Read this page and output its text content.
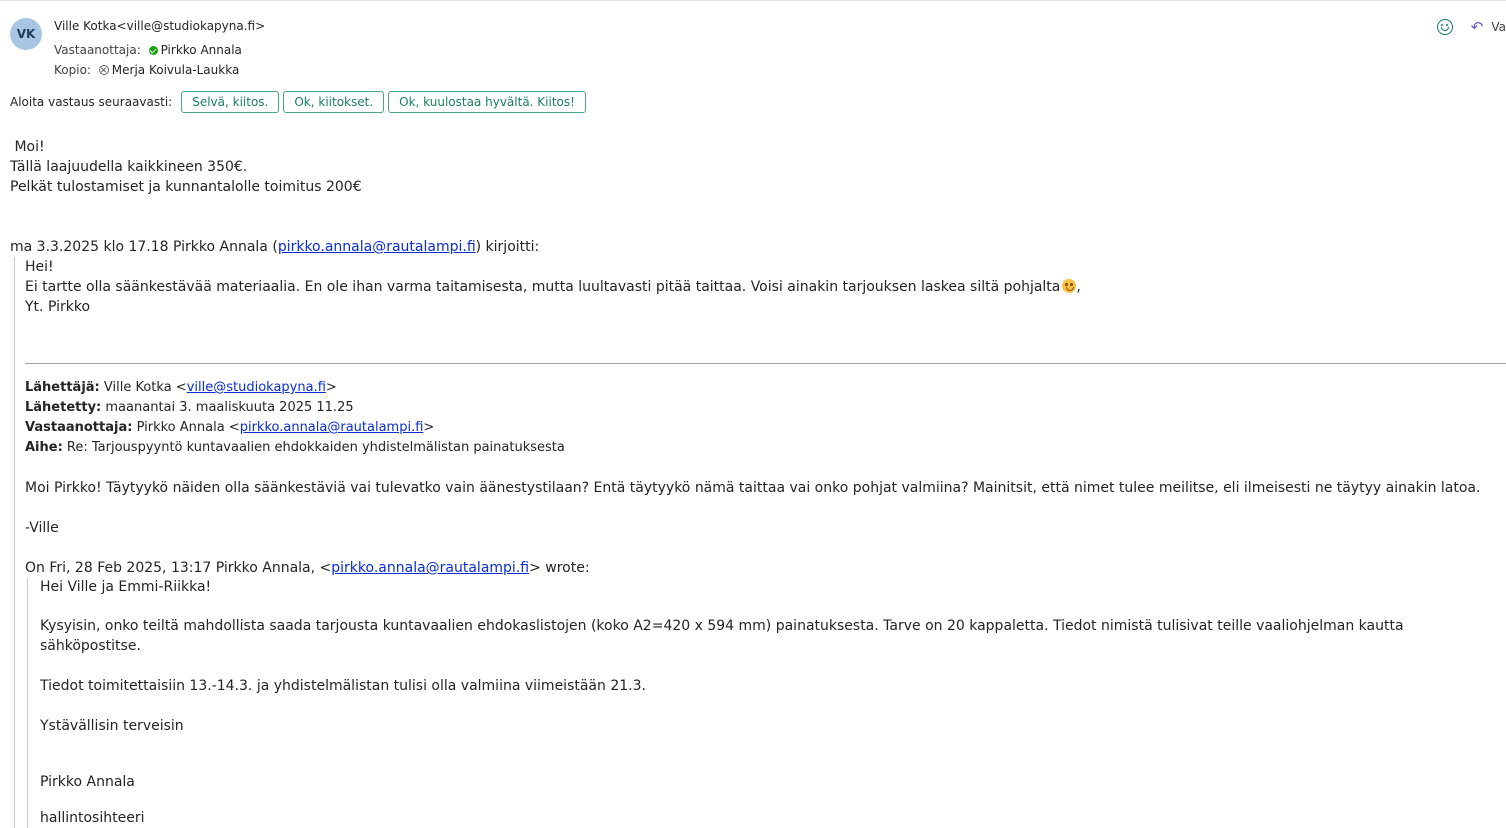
VK
Ville Kotka<ville@studiokapyna.fi>
Vastaanottaja: Pirkko Annala
Kopio: Merja Koivula-Laukka
↶ Va
Aloita vastaus seuraavasti:	Selvä, kiitos.	Ok, kiitokset.	Ok, kuulostaa hyvältä. Kiitos!

Moi!

Tällä laajuudella kaikkineen 350€.

Pelkät tulostamiset ja kunnantalolle toimitus 200€

ma 3.3.2025 klo 17.18 Pirkko Annala (pirkko.annala@rautalampi.fi) kirjoitti:

Hei!

Ei tartte olla säänkestävää materiaalia. En ole ihan varma taitamisesta, mutta luultavasti pitää taittaa. Voisi ainakin tarjouksen laskea siltä pohjalta ,

Yt. Pirkko

Lähettäjä: Ville Kotka <ville@studiokapyna.fi>

Lähetetty: maanantai 3. maaliskuuta 2025 11.25

Vastaanottaja: Pirkko Annala <pirkko.annala@rautalampi.fi>

Aihe: Re: Tarjouspyyntö kuntavaalien ehdokkaiden yhdistelmälistan painatuksesta

Moi Pirkko! Täytyykö näiden olla säänkestäviä vai tulevatko vain äänestystilaan? Entä täytyykö nämä taittaa vai onko pohjat valmiina? Mainitsit, että nimet tulee meilitse, eli ilmeisesti ne täytyy ainakin latoa.

-Ville

On Fri, 28 Feb 2025, 13:17 Pirkko Annala, <pirkko.annala@rautalampi.fi> wrote:

Hei Ville ja Emmi-Riikka!

Kysyisin, onko teiltä mahdollista saada tarjousta kuntavaalien ehdokaslistojen (koko A2=420 x 594 mm) painatuksesta. Tarve on 20 kappaletta. Tiedot nimistä tulisivat teille vaaliohjelman kautta sähköpostitse.

Tiedot toimitettaisiin 13.-14.3. ja yhdistelmälistan tulisi olla valmiina viimeistään 21.3.

Ystävällisin terveisin

Pirkko Annala

hallintosihteeri
